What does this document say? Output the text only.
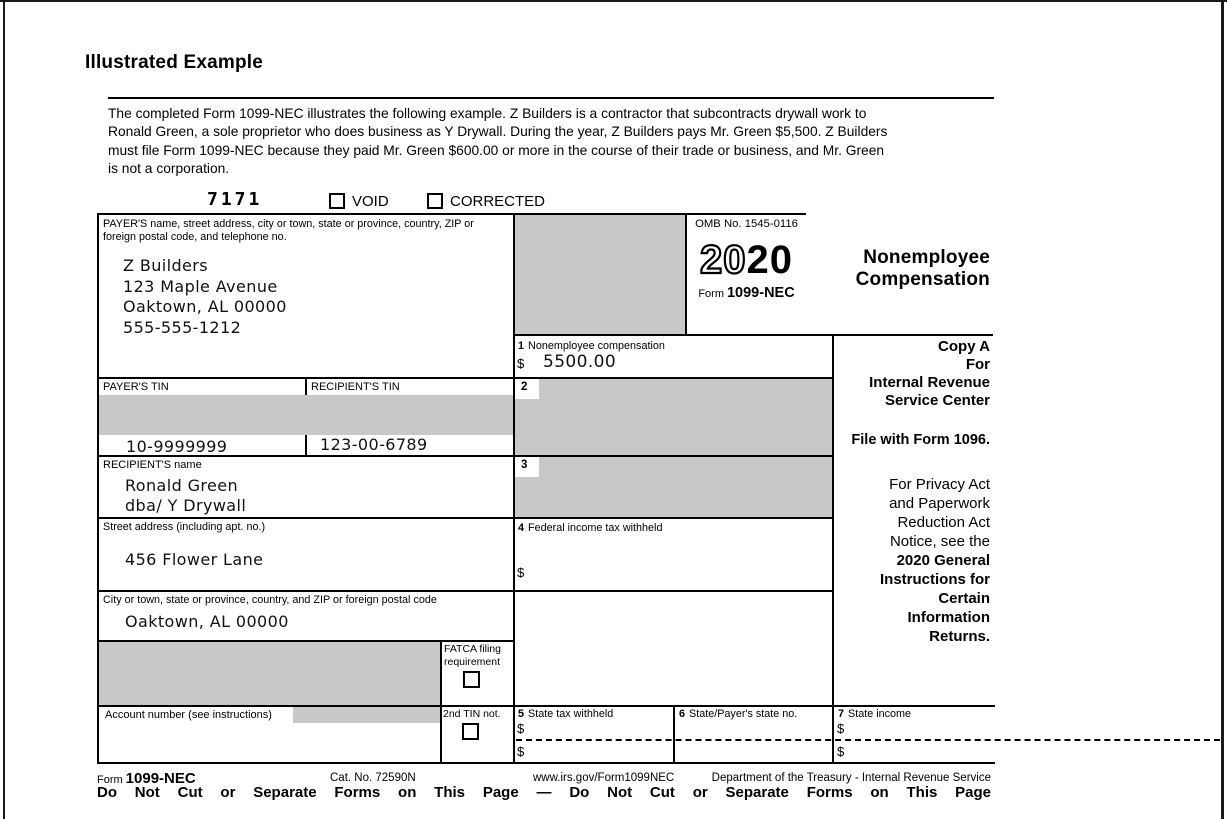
Illustrated Example
The completed Form 1099-NEC illustrates the following example. Z Builders is a contractor that subcontracts drywall work to
Ronald Green, a sole proprietor who does business as Y Drywall. During the year, Z Builders pays Mr. Green $5,500. Z Builders
must file Form 1099-NEC because they paid Mr. Green $600.00 or more in the course of their trade or business, and Mr. Green
is not a corporation.
7171	VOID	CORRECTED
2
3
PAYER'S name, street address, city or town, state or province, country, ZIP or foreign postal code, and telephone no.
Z Builders
123 Maple Avenue
Oaktown, AL 00000
555-555-1212
OMB No. 1545-0116
2020
Form 1099-NEC
Nonemployee
Compensation
1 Nonemployee compensation
$ 5500.00
PAYER'S TIN	RECIPIENT'S TIN
10-9999999	123-00-6789
RECIPIENT'S name
Ronald Green
dba/ Y Drywall
Street address (including apt. no.)
456 Flower Lane
City or town, state or province, country, and ZIP or foreign postal code
Oaktown, AL 00000
4 Federal income tax withheld
$
FATCA filing
requirement
Account number (see instructions)	2nd TIN not. 5 State tax withheld
$
$
6 State/Payer's state no.	7 State income
$
$
Copy A
For
Internal Revenue
Service Center
File with Form 1096.
For Privacy Act
and Paperwork
Reduction Act
Notice, see the
2020 General
Instructions for
Certain
Information
Returns.
Form 1099-NEC	Cat. No. 72590N	www.irs.gov/Form1099NEC	Department of the Treasury - Internal Revenue Service
Do Not Cut or Separate Forms on This Page — Do Not Cut or Separate Forms on This Page
